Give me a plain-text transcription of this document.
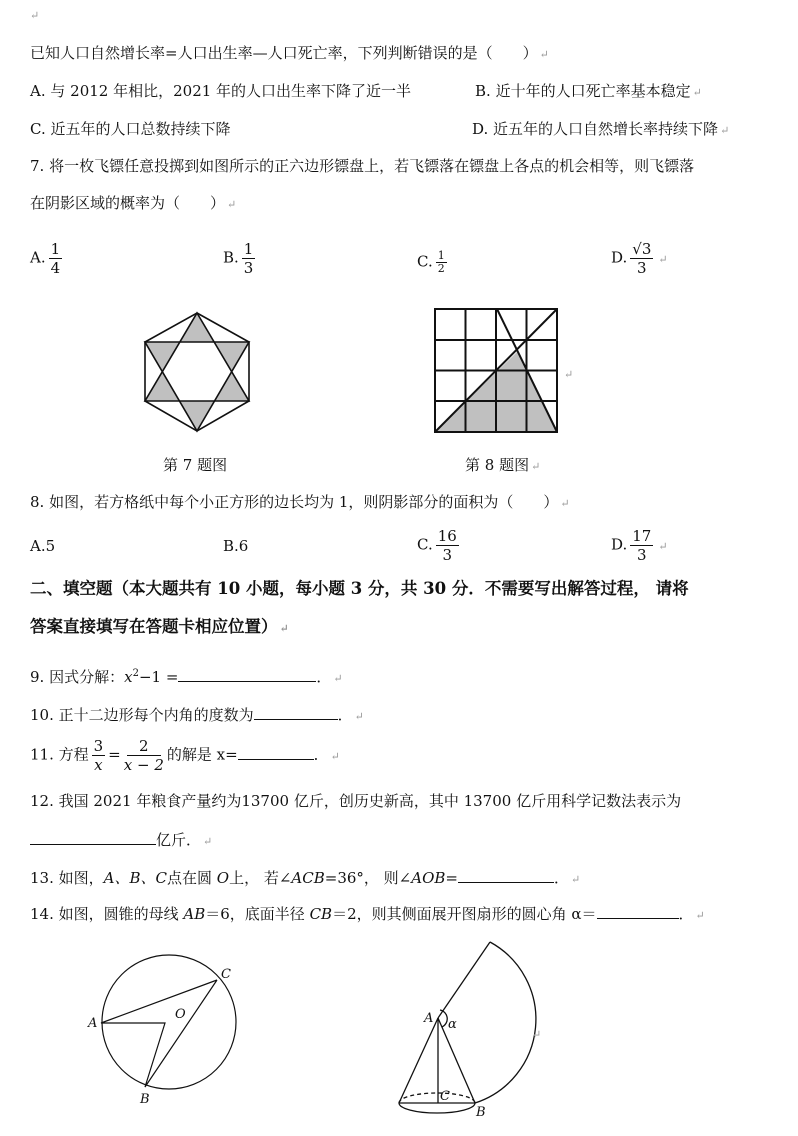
↵
已知人口自然增长率=人口出生率—人口死亡率，下列判断错误的是（　　） ↵
A. 与 2012 年相比，2021 年的人口出生率下降了近一半	B. 近十年的人口死亡率基本稳定 ↵
C. 近五年的人口总数持续下降	D. 近五年的人口自然增长率持续下降 ↵
7. 将一枚飞镖任意投掷到如图所示的正六边形镖盘上，若飞镖落在镖盘上各点的机会相等，则飞镖落
在阴影区域的概率为（　　） ↵
A. $\frac{1}{4}$	B. $\frac{1}{3}$	C. $\frac{1}{2}$	D. $\frac{√3}{3}$ ↵
↵
第 7 题图	第 8 题图 ↵
8. 如图，若方格纸中每个小正方形的边长均为 1，则阴影部分的面积为（　　） ↵
A.5	B.6	C. $\frac{16}{3}$	D. $\frac{17}{3}$ ↵
二、填空题（本大题共有 10 小题，每小题 3 分，共 30 分．不需要写出解答过程， 请将
答案直接填写在答题卡相应位置） ↵
9. 因式分解：$x^2-1$ =	． ↵
10. 正十二边形每个内角的度数为	． ↵
11. 方程 $\frac{3}{x} = \frac{2}{x - 2}$ 的解是 x=	． ↵
12. 我国 2021 年粮食产量约为13700 亿斤，创历史新高，其中 13700 亿斤用科学记数法表示为
亿斤． ↵
13. 如图，A、B、C点在圆 O上， 若∠ACB=36°， 则∠AOB=	． ↵
14. 如图，圆锥的母线 AB＝6，底面半径 CB＝2，则其侧面展开图扇形的圆心角 α＝	． ↵
A
O
B
C
A α
C
B
↵
